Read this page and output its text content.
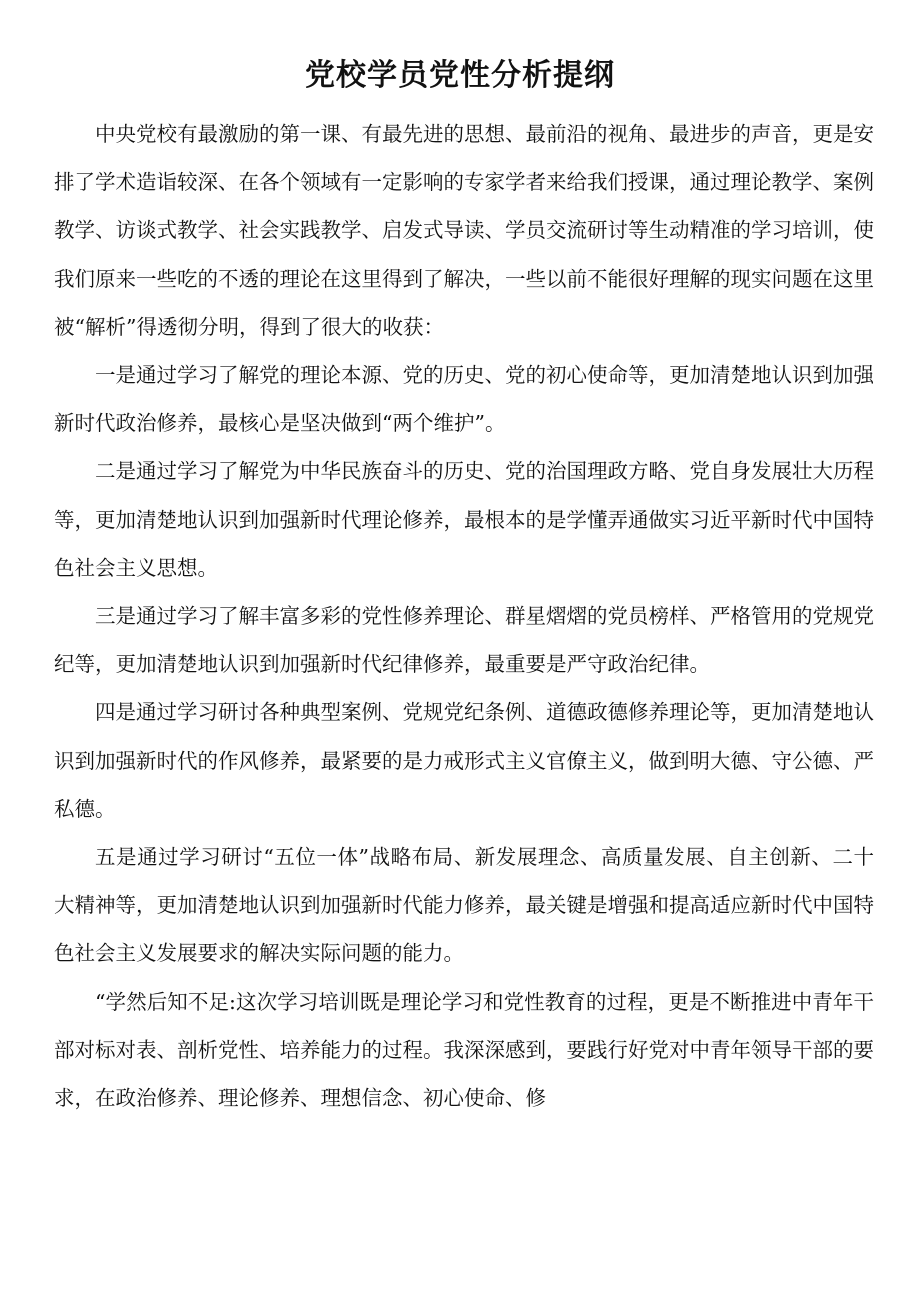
党校学员党性分析提纲

中央党校有最激励的第一课、有最先进的思想、最前沿的视角、最进步的声音，更是安排了学术造诣较深、在各个领域有一定影响的专家学者来给我们授课，通过理论教学、案例教学、访谈式教学、社会实践教学、启发式导读、学员交流研讨等生动精准的学习培训，使我们原来一些吃的不透的理论在这里得到了解决，一些以前不能很好理解的现实问题在这里被“解析”得透彻分明，得到了很大的收获：

一是通过学习了解党的理论本源、党的历史、党的初心使命等，更加清楚地认识到加强新时代政治修养，最核心是坚决做到“两个维护”。

二是通过学习了解党为中华民族奋斗的历史、党的治国理政方略、党自身发展壮大历程等，更加清楚地认识到加强新时代理论修养，最根本的是学懂弄通做实习近平新时代中国特色社会主义思想。

三是通过学习了解丰富多彩的党性修养理论、群星熠熠的党员榜样、严格管用的党规党纪等，更加清楚地认识到加强新时代纪律修养，最重要是严守政治纪律。

四是通过学习研讨各种典型案例、党规党纪条例、道德政德修养理论等，更加清楚地认识到加强新时代的作风修养，最紧要的是力戒形式主义官僚主义，做到明大德、守公德、严私德。

五是通过学习研讨“五位一体”战略布局、新发展理念、高质量发展、自主创新、二十大精神等，更加清楚地认识到加强新时代能力修养，最关键是增强和提高适应新时代中国特色社会主义发展要求的解决实际问题的能力。

“学然后知不足:这次学习培训既是理论学习和党性教育的过程，更是不断推进中青年干部对标对表、剖析党性、培养能力的过程。我深深感到，要践行好党对中青年领导干部的要求，在政治修养、理论修养、理想信念、初心使命、修
